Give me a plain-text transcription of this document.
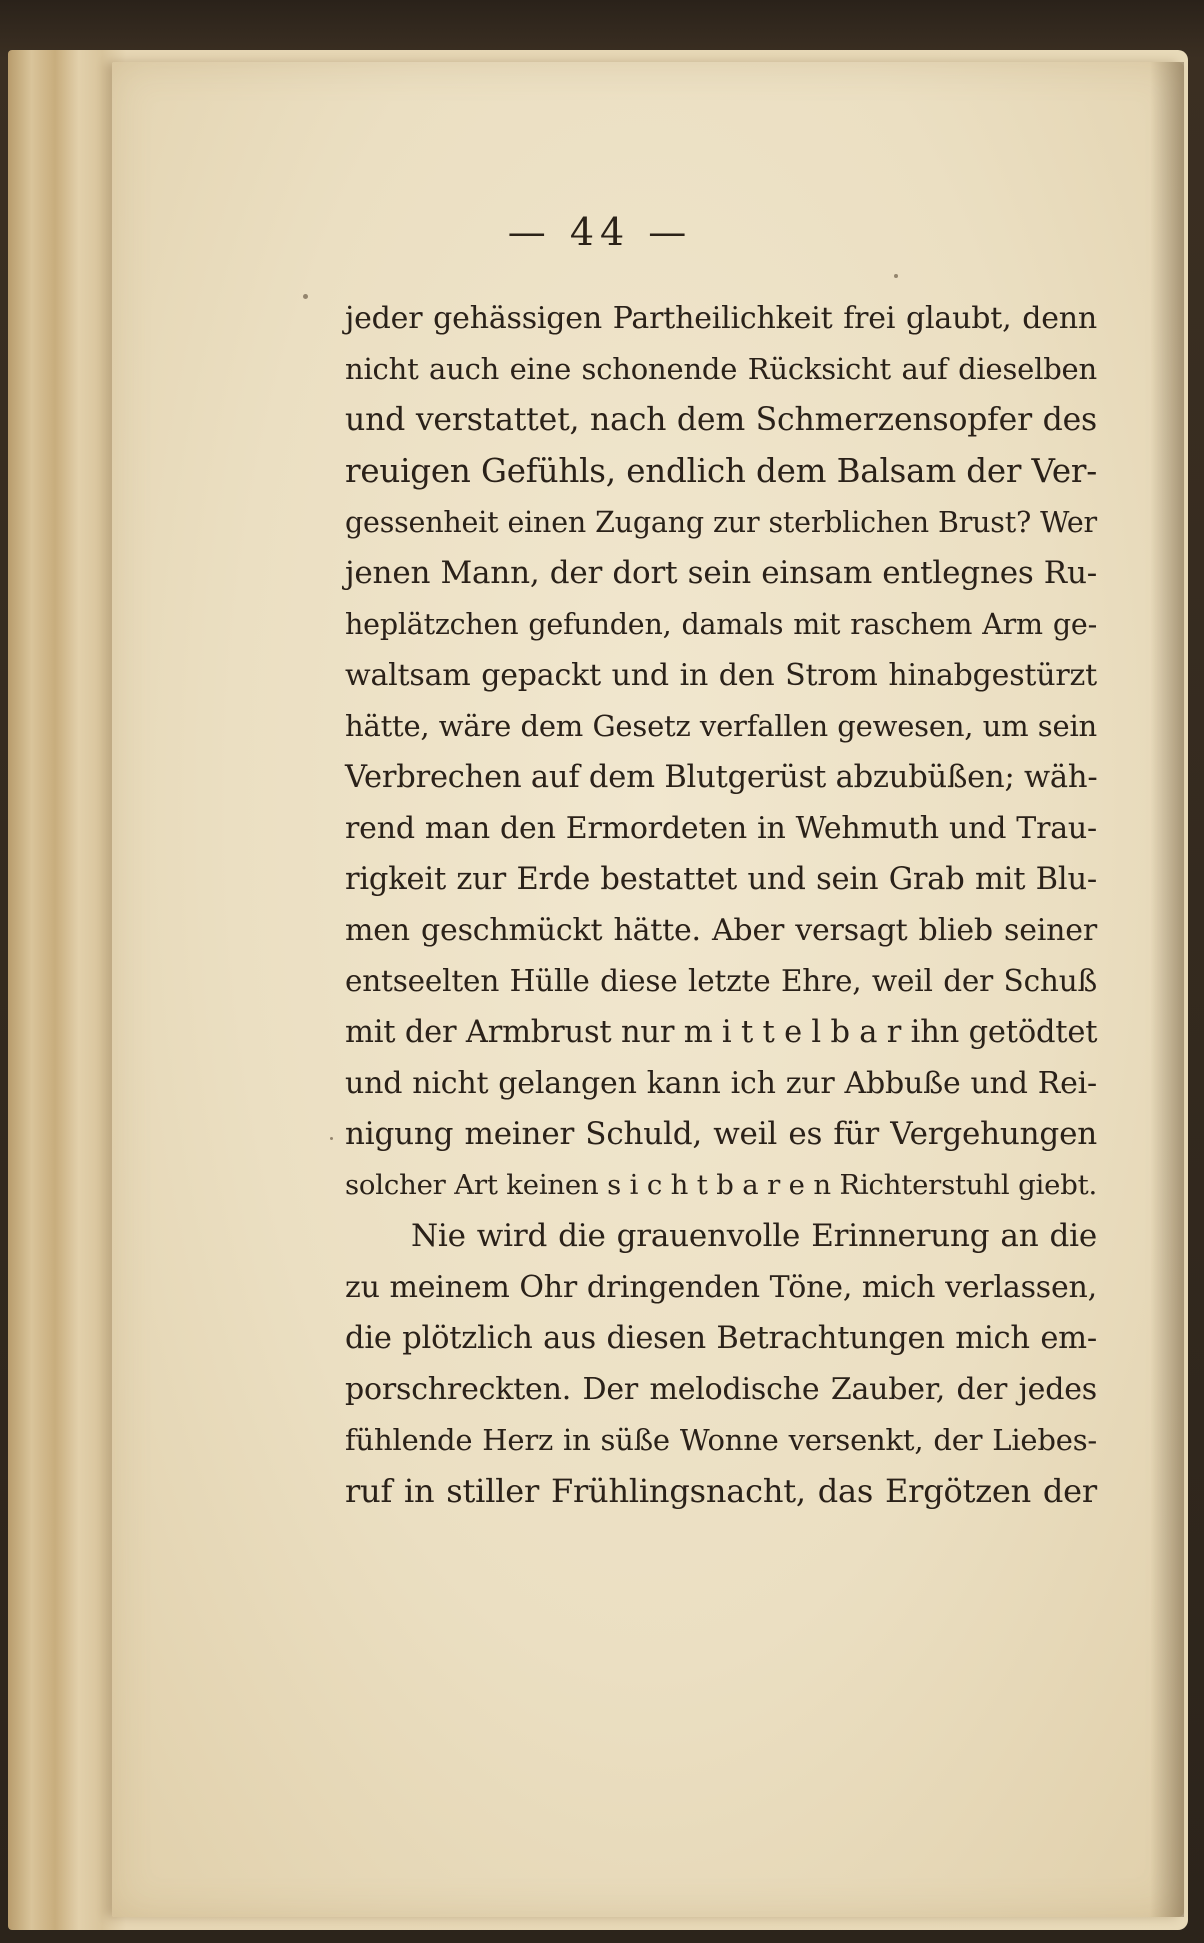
— 44 —
jeder gehässigen Partheilichkeit frei glaubt, denn
nicht auch eine schonende Rücksicht auf dieselben
und verstattet, nach dem Schmerzensopfer des
reuigen Gefühls, endlich dem Balsam der Ver-
gessenheit einen Zugang zur sterblichen Brust? Wer
jenen Mann, der dort sein einsam entlegnes Ru-
heplätzchen gefunden, damals mit raschem Arm ge-
waltsam gepackt und in den Strom hinabgestürzt
hätte, wäre dem Gesetz verfallen gewesen, um sein
Verbrechen auf dem Blutgerüst abzubüßen; wäh-
rend man den Ermordeten in Wehmuth und Trau-
rigkeit zur Erde bestattet und sein Grab mit Blu-
men geschmückt hätte. Aber versagt blieb seiner
entseelten Hülle diese letzte Ehre, weil der Schuß
mit der Armbrust nur m i t t e l b a r ihn getödtet
und nicht gelangen kann ich zur Abbuße und Rei-
nigung meiner Schuld, weil es für Vergehungen
solcher Art keinen s i c h t b a r e n Richterstuhl giebt.
Nie wird die grauenvolle Erinnerung an die
zu meinem Ohr dringenden Töne, mich verlassen,
die plötzlich aus diesen Betrachtungen mich em-
porschreckten. Der melodische Zauber, der jedes
fühlende Herz in süße Wonne versenkt, der Liebes-
ruf in stiller Frühlingsnacht, das Ergötzen der
